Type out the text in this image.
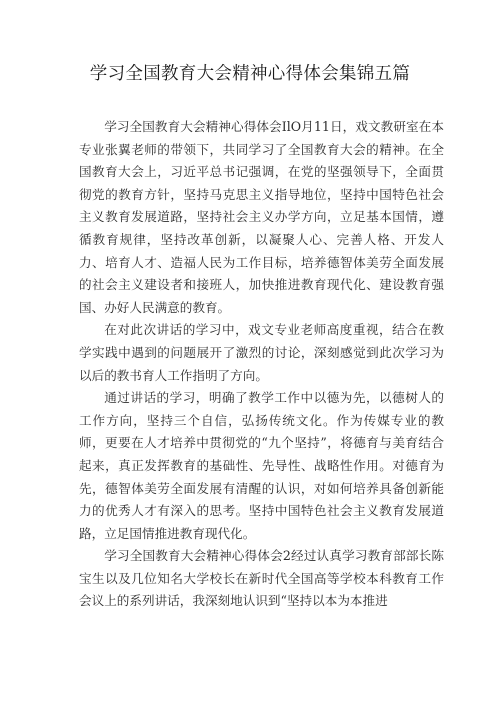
学习全国教育大会精神心得体会集锦五篇

学习全国教育大会精神心得体会IlO月11日，戏文教研室在本专业张翼老师的带领下，共同学习了全国教育大会的精神。在全国教育大会上，习近平总书记强调，在党的坚强领导下，全面贯彻党的教育方针，坚持马克思主义指导地位，坚持中国特色社会主义教育发展道路，坚持社会主义办学方向，立足基本国情，遵循教育规律，坚持改革创新，以凝聚人心、完善人格、开发人力、培育人才、造福人民为工作目标，培养德智体美劳全面发展的社会主义建设者和接班人，加快推进教育现代化、建设教育强国、办好人民满意的教育。

在对此次讲话的学习中，戏文专业老师高度重视，结合在教学实践中遇到的问题展开了激烈的讨论，深刻感觉到此次学习为以后的教书育人工作指明了方向。

通过讲话的学习，明确了教学工作中以德为先，以德树人的工作方向，坚持三个自信，弘扬传统文化。作为传媒专业的教师，更要在人才培养中贯彻党的“九个坚持”，将德育与美育结合起来，真正发挥教育的基础性、先导性、战略性作用。对德育为先，德智体美劳全面发展有清醒的认识，对如何培养具备创新能力的优秀人才有深入的思考。坚持中国特色社会主义教育发展道路，立足国情推进教育现代化。

学习全国教育大会精神心得体会2经过认真学习教育部部长陈宝生以及几位知名大学校长在新时代全国高等学校本科教育工作会议上的系列讲话，我深刻地认识到“坚持以本为本推进
